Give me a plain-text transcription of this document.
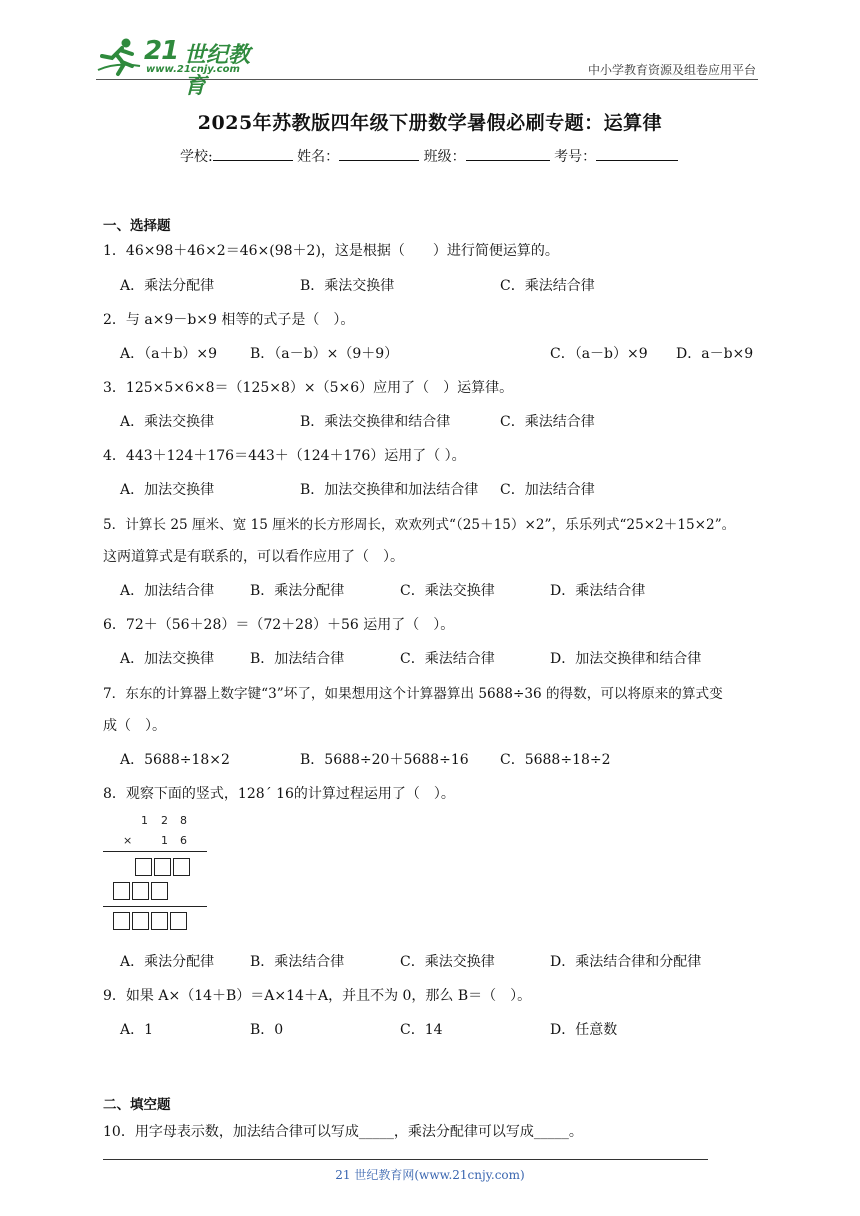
21 世纪教育
www.21cnjy.com	中小学教育资源及组卷应用平台
2025年苏教版四年级下册数学暑假必刷专题：运算律
学校:	姓名：	班级：	考号：
一、选择题
1．46×98＋46×2＝46×(98＋2)，这是根据（　　）进行简便运算的。
A．乘法分配律	B．乘法交换律	C．乘法结合律
2．与 a×9－b×9 相等的式子是（　）。
A．（a＋b）×9 B．（a－b）×（9＋9）	C．（a－b）×9 D．a－b×9
3．125×5×6×8＝（125×8）×（5×6）应用了（　）运算律。
A．乘法交换律	B．乘法交换律和结合律	C．乘法结合律
4．443＋124＋176＝443＋（124＋176）运用了（ ）。
A．加法交换律	B．加法交换律和加法结合律 C．加法结合律
5．计算长 25 厘米、宽 15 厘米的长方形周长，欢欢列式“（25＋15）×2”，乐乐列式“25×2＋15×2”。
这两道算式是有联系的，可以看作应用了（　）。
A．加法结合律	B．乘法分配律	C．乘法交换律	D．乘法结合律
6．72＋（56＋28）＝（72＋28）＋56 运用了（　）。
A．加法交换律	B．加法结合律	C．乘法结合律	D．加法交换律和结合律
7．东东的计算器上数字键“3”坏了，如果想用这个计算器算出 5688÷36 的得数，可以将原来的算式变
成（　）。
A．5688÷18×2	B．5688÷20＋5688÷16 C．5688÷18÷2
8．观察下面的竖式，128´ 16的计算过程运用了（　）。
1 2 8
×	1 6
A．乘法分配律	B．乘法结合律	C．乘法交换律	D．乘法结合律和分配律
9．如果 A×（14＋B）＝A×14＋A，并且不为 0，那么 B＝（　）。
A．1	B．0	C．14	D．任意数
二、填空题
10．用字母表示数，加法结合律可以写成_____，乘法分配律可以写成_____。
21 世纪教育网(www.21cnjy.com)
